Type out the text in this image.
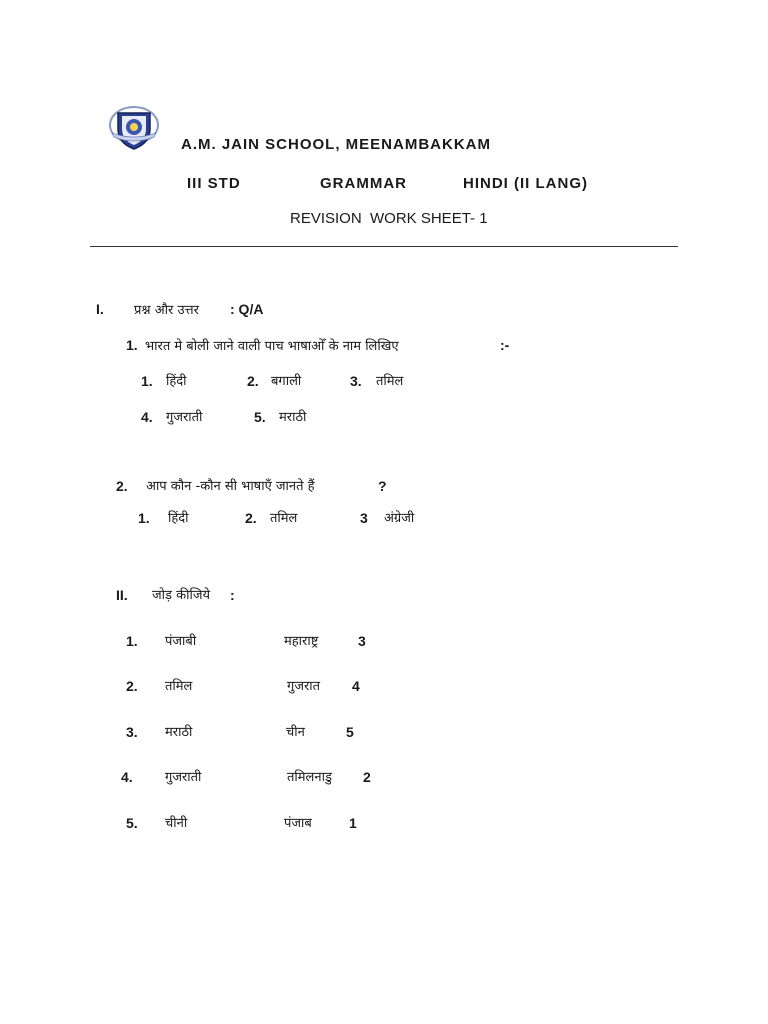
A.M. JAIN SCHOOL, MEENAMBAKKAM
III STD	GRAMMAR	HINDI (II LANG)
REVISION  WORK SHEET- 1
I. प्रश्न और उत्तर : Q/A
1. भारत मे बोली जाने वाली पाच भाषाओँ के नाम लिखिए	:-
1. हिंदी	2. बगाली	3. तमिल
4. गुजराती	5. मराठी
2. आप कौन -कौन सी भाषाएँ जानते हैं	?
1. हिंदी	2. तमिल	3 अंग्रेजी
II. जोड़ कीजिये :
1. पंजाबी	महाराष्ट्र	3
2. तमिल	गुजरात 4
3. मराठी	चीन	5
4. गुजराती	तमिलनाडु 2
5. चीनी	पंजाब	1
